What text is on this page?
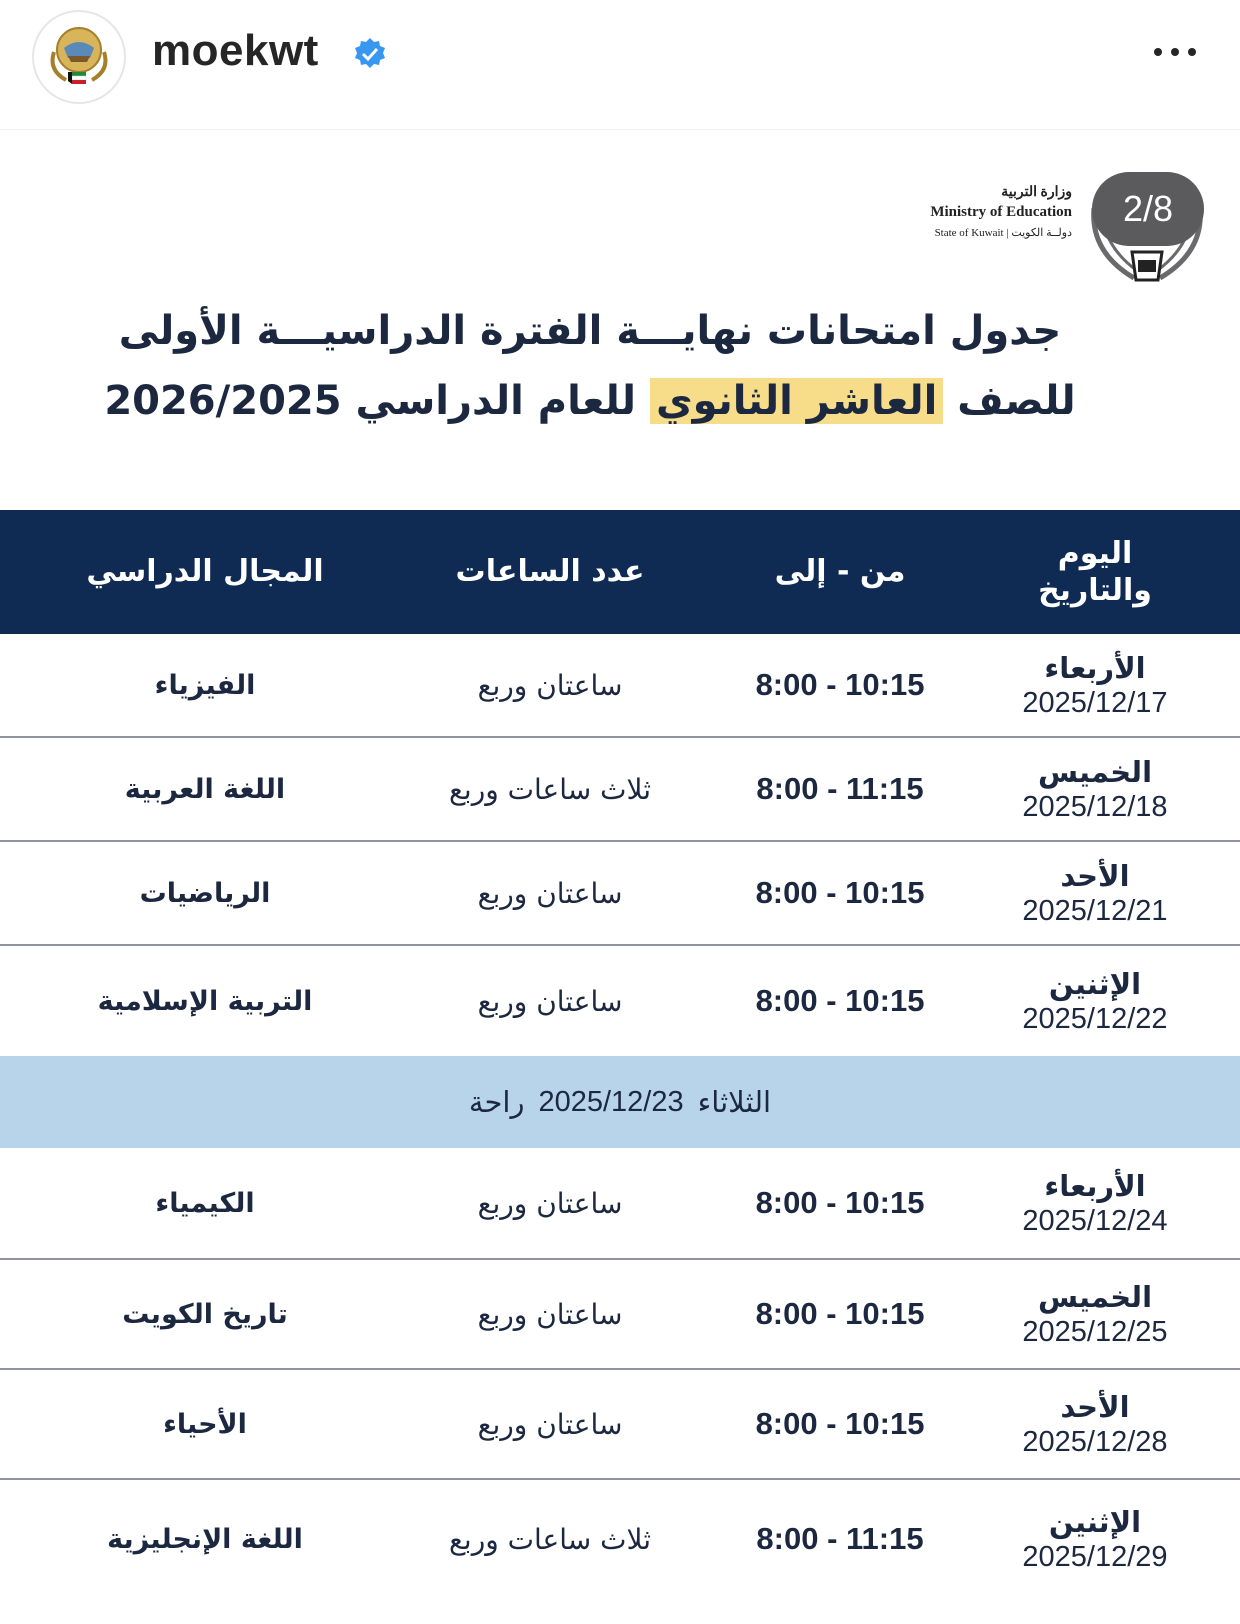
moekwt
2/8
وزارة التربية
Ministry of Education
State of Kuwait | دولــة الكويت
جدول امتحانات نهايـــة الفترة الدراسيـــة الأولى
للصف العاشر الثانوي للعام الدراسي 2026/2025
اليوم والتاريخ
من - إلى
عدد الساعات
المجال الدراسي
الأربعاء
2025/12/17
8:00 - 10:15
ساعتان وربع
الفيزياء
الخميس
2025/12/18
8:00 - 11:15
ثلاث ساعات وربع
اللغة العربية
الأحد
2025/12/21
8:00 - 10:15
ساعتان وربع
الرياضيات
الإثنين
2025/12/22
8:00 - 10:15
ساعتان وربع
التربية الإسلامية
الثلاثاء
2025/12/23
راحة
الأربعاء
2025/12/24
8:00 - 10:15
ساعتان وربع
الكيمياء
الخميس
2025/12/25
8:00 - 10:15
ساعتان وربع
تاريخ الكويت
الأحد
2025/12/28
8:00 - 10:15
ساعتان وربع
الأحياء
الإثنين
2025/12/29
8:00 - 11:15
ثلاث ساعات وربع
اللغة الإنجليزية
